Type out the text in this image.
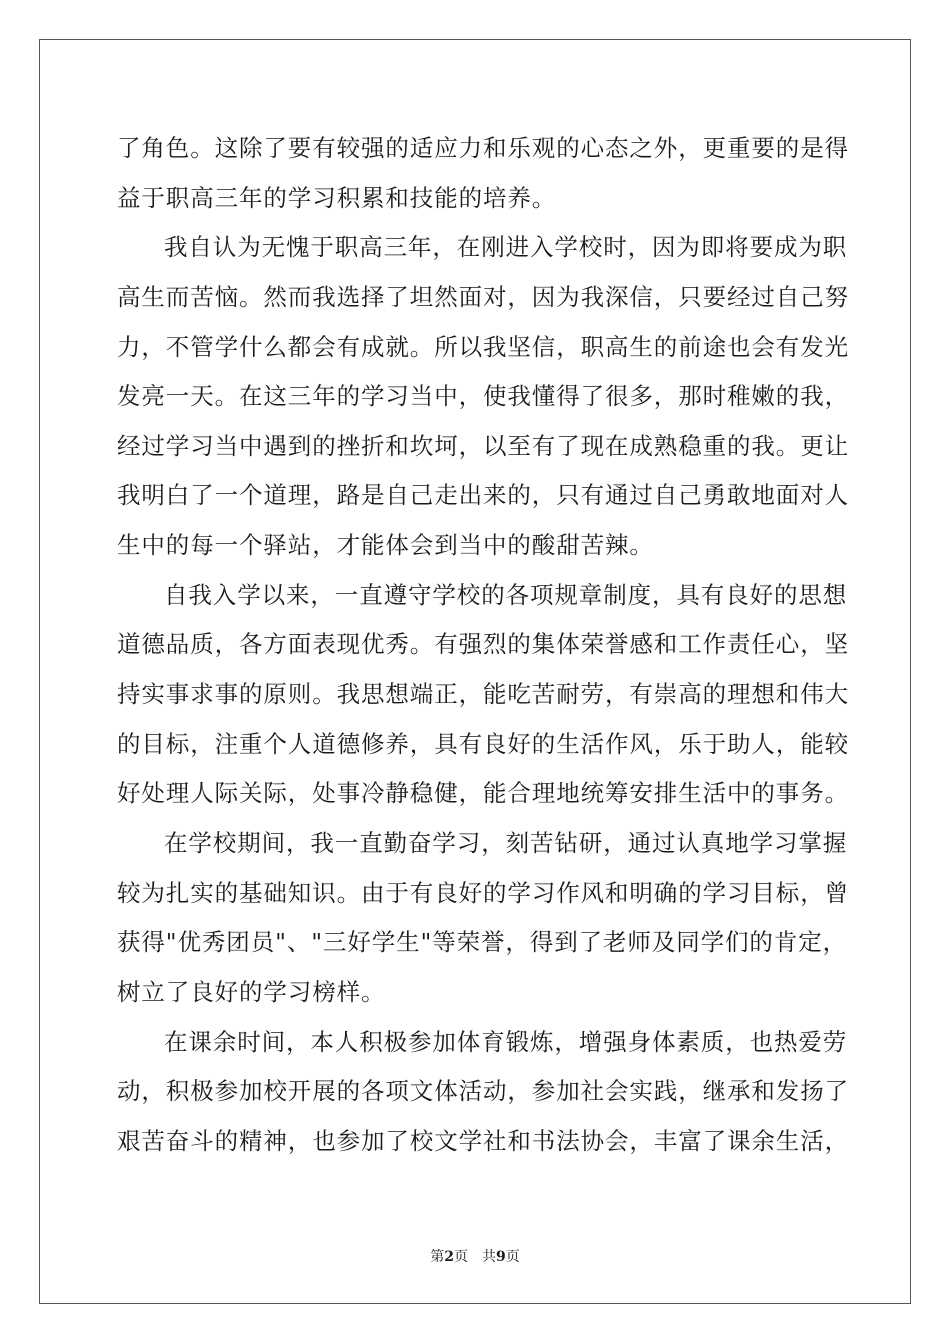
了角色。这除了要有较强的适应力和乐观的心态之外，更重要的是得
益于职高三年的学习积累和技能的培养。
我自认为无愧于职高三年，在刚进入学校时，因为即将要成为职
高生而苦恼。然而我选择了坦然面对，因为我深信，只要经过自己努
力，不管学什么都会有成就。所以我坚信，职高生的前途也会有发光
发亮一天。在这三年的学习当中，使我懂得了很多，那时稚嫩的我，
经过学习当中遇到的挫折和坎坷，以至有了现在成熟稳重的我。更让
我明白了一个道理，路是自己走出来的，只有通过自己勇敢地面对人
生中的每一个驿站，才能体会到当中的酸甜苦辣。
自我入学以来，一直遵守学校的各项规章制度，具有良好的思想
道德品质，各方面表现优秀。有强烈的集体荣誉感和工作责任心，坚
持实事求事的原则。我思想端正，能吃苦耐劳，有崇高的理想和伟大
的目标，注重个人道德修养，具有良好的生活作风，乐于助人，能较
好处理人际关际，处事冷静稳健，能合理地统筹安排生活中的事务。
在学校期间，我一直勤奋学习，刻苦钻研，通过认真地学习掌握
较为扎实的基础知识。由于有良好的学习作风和明确的学习目标，曾
获得"优秀团员"、"三好学生"等荣誉，得到了老师及同学们的肯定，
树立了良好的学习榜样。
在课余时间，本人积极参加体育锻炼，增强身体素质，也热爱劳
动，积极参加校开展的各项文体活动，参加社会实践，继承和发扬了
艰苦奋斗的精神，也参加了校文学社和书法协会，丰富了课余生活，
第2页 共9页
